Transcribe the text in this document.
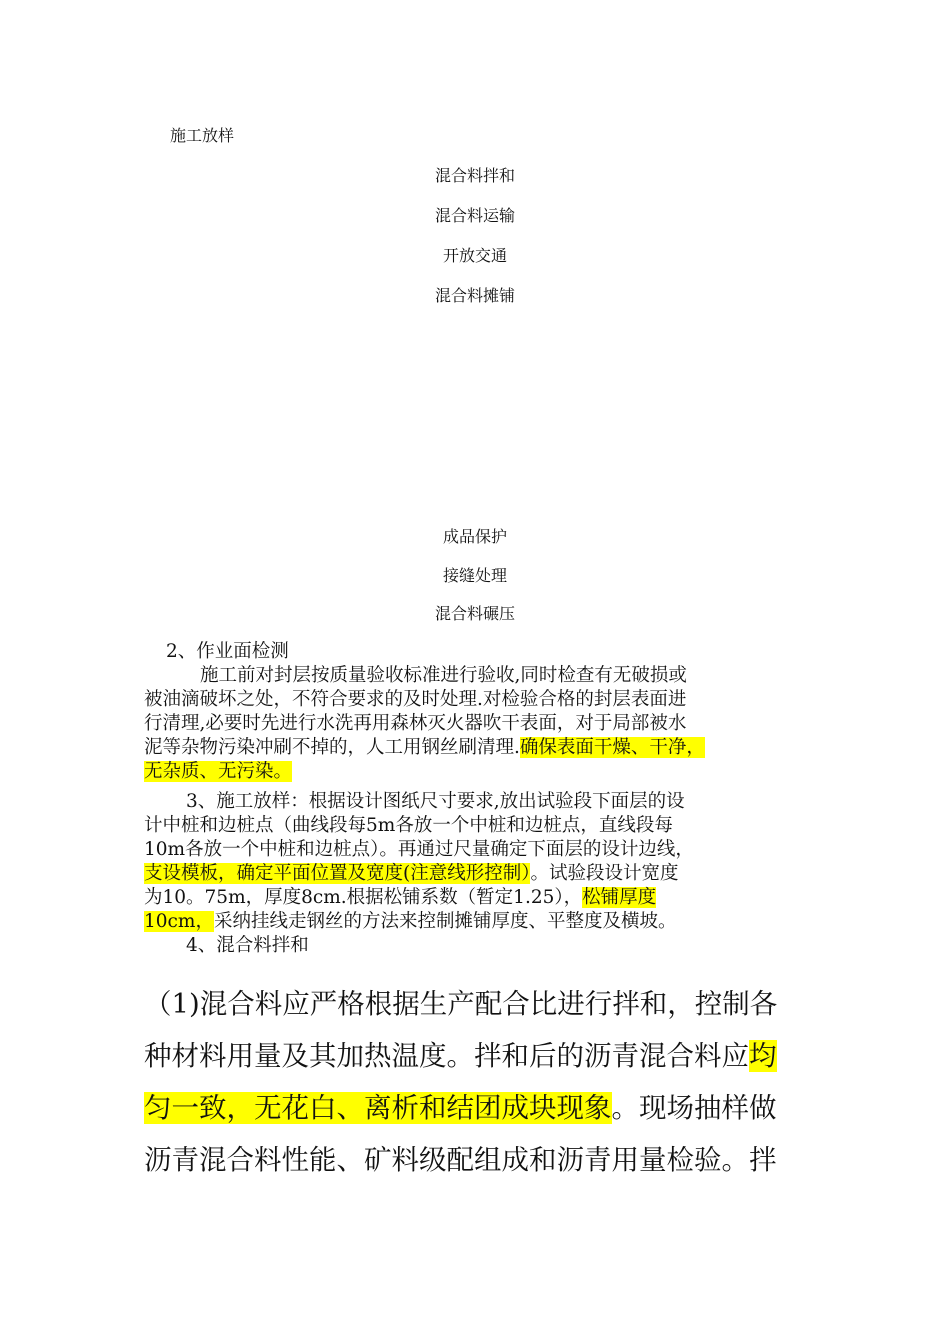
施工放样
混合料拌和
混合料运输
开放交通
混合料摊铺
成品保护
接缝处理
混合料碾压
2、作业面检测
施工前对封层按质量验收标准进行验收,同时检查有无破损或
被油滴破坏之处，不符合要求的及时处理.对检验合格的封层表面进
行清理,必要时先进行水洗再用森林灭火器吹干表面，对于局部被水
泥等杂物污染冲刷不掉的，人工用钢丝刷清理.确保表面干燥、干净，
无杂质、无污染。
3、施工放样：根据设计图纸尺寸要求,放出试验段下面层的设
计中桩和边桩点（曲线段每5m各放一个中桩和边桩点，直线段每
10m各放一个中桩和边桩点）。再通过尺量确定下面层的设计边线，
支设模板，确定平面位置及宽度(注意线形控制）。试验段设计宽度
为10。75m，厚度8cm.根据松铺系数（暂定1.25），松铺厚度
10cm，采纳挂线走钢丝的方法来控制摊铺厚度、平整度及横坡。
4、混合料拌和
（1)混合料应严格根据生产配合比进行拌和，控制各
种材料用量及其加热温度。拌和后的沥青混合料应均
匀一致，无花白、离析和结团成块现象。现场抽样做
沥青混合料性能、矿料级配组成和沥青用量检验。拌
